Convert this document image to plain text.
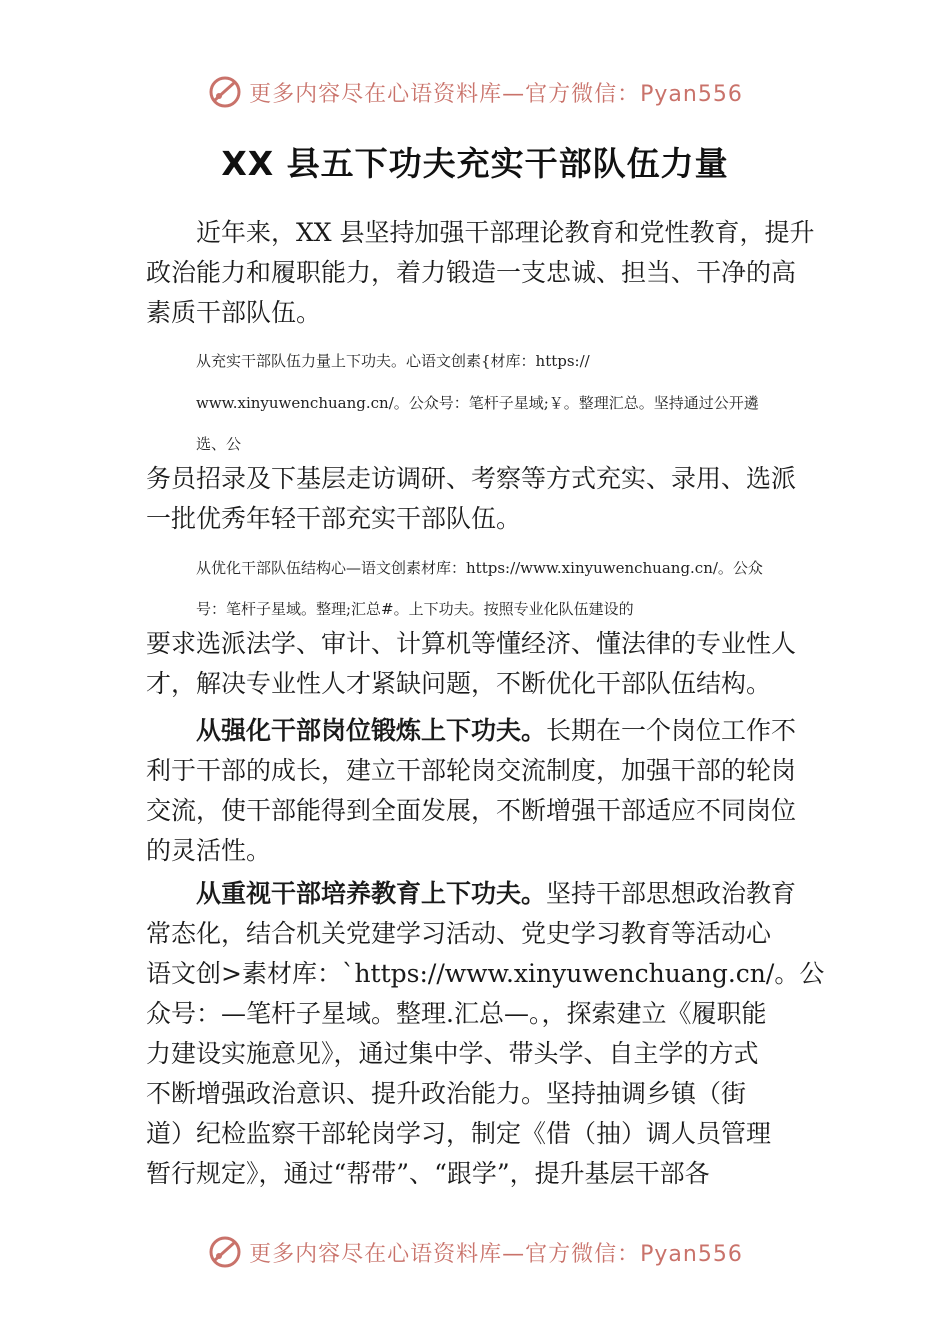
更多内容尽在心语资料库—官方微信：Pyan556
XX 县五下功夫充实干部队伍力量
近年来，XX 县坚持加强干部理论教育和党性教育，提升
政治能力和履职能力，着力锻造一支忠诚、担当、干净的高
素质干部队伍。
从充实干部队伍力量上下功夫。心语文创素{材库：https://
www.xinyuwenchuang.cn/。公众号：笔杆子星域;￥。整理汇总。坚持通过公开遴
选、公
务员招录及下基层走访调研、考察等方式充实、录用、选派
一批优秀年轻干部充实干部队伍。
从优化干部队伍结构心—语文创素材库：https://www.xinyuwenchuang.cn/。公众
号：笔杆子星域。整理;汇总#。上下功夫。按照专业化队伍建设的
要求选派法学、审计、计算机等懂经济、懂法律的专业性人
才，解决专业性人才紧缺问题，不断优化干部队伍结构。
从强化干部岗位锻炼上下功夫。长期在一个岗位工作不
利于干部的成长，建立干部轮岗交流制度，加强干部的轮岗
交流，使干部能得到全面发展，不断增强干部适应不同岗位
的灵活性。
从重视干部培养教育上下功夫。坚持干部思想政治教育
常态化，结合机关党建学习活动、党史学习教育等活动心
语文创>素材库：`https://www.xinyuwenchuang.cn/。公
众号：—笔杆子星域。整理.汇总—。，探索建立《履职能
力建设实施意见》，通过集中学、带头学、自主学的方式
不断增强政治意识、提升政治能力。坚持抽调乡镇（街
道）纪检监察干部轮岗学习，制定《借（抽）调人员管理
暂行规定》，通过“帮带”、“跟学”，提升基层干部各
更多内容尽在心语资料库—官方微信：Pyan556
